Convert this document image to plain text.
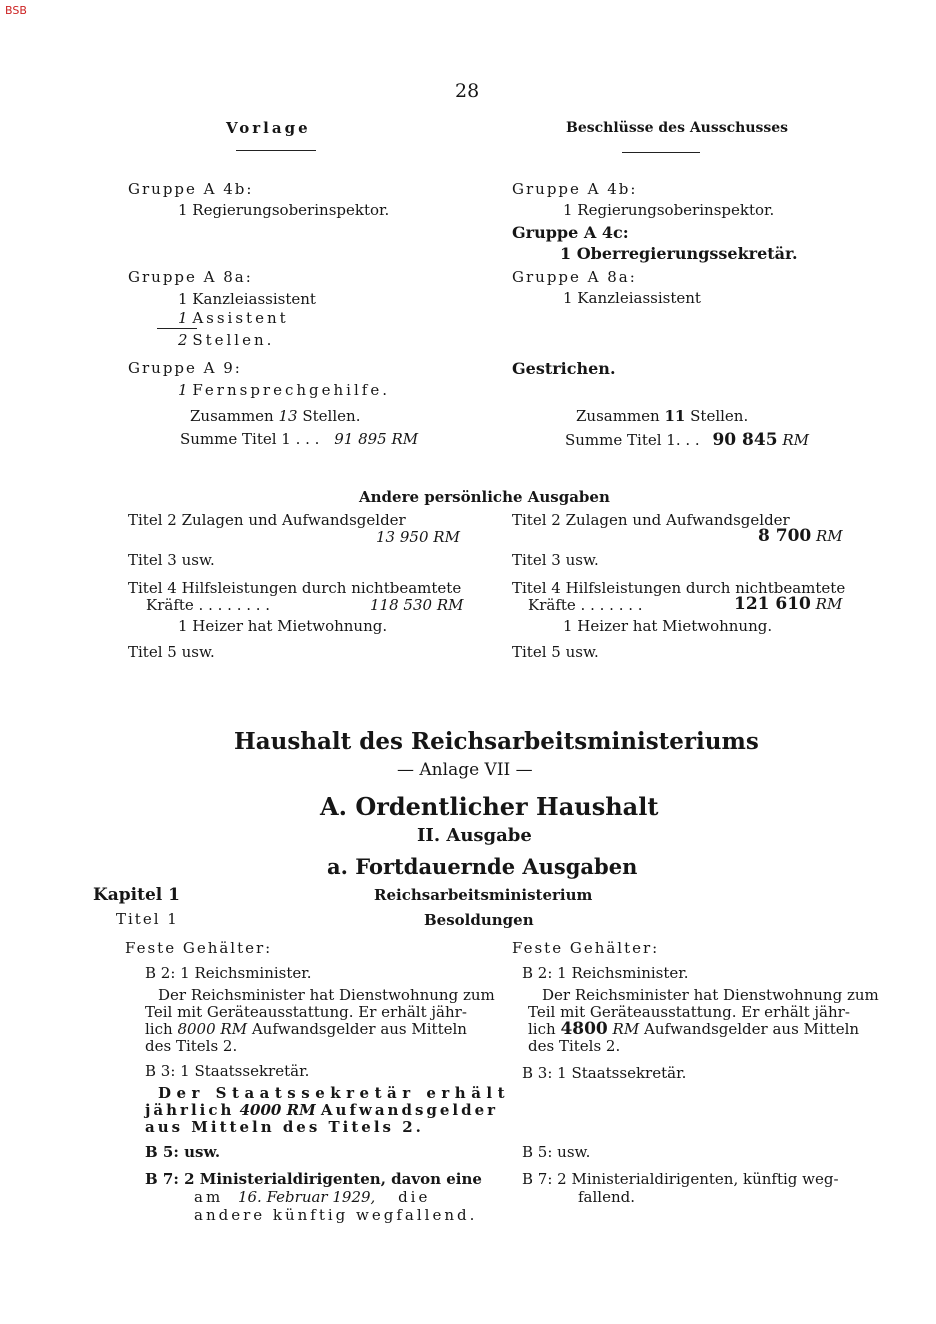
BSB
28
Vorlage	Beschlüsse des Ausschusses
Gruppe A 4b:
1 Regierungsoberinspektor.
Gruppe A 8a:
1 Kanzleiassistent
1 Assistent
2 Stellen.
Gruppe A 9:
1 Fernsprechgehilfe.
Zusammen 13 Stellen.
Summe Titel 1 . . . 91 895 RM
Gruppe A 4b:
1 Regierungsoberinspektor.
Gruppe A 4c:
1 Oberregierungssekretär.
Gruppe A 8a:
1 Kanzleiassistent
Gestrichen.
Zusammen 11 Stellen.
Summe Titel 1. . . 90 845 RM
Andere persönliche Ausgaben
Titel 2 Zulagen und Aufwandsgelder
13 950 RM
Titel 3 usw.
Titel 4 Hilfsleistungen durch nichtbeamtete
Kräfte . . . . . . . .	118 530 RM
1 Heizer hat Mietwohnung.
Titel 5 usw.
Titel 2 Zulagen und Aufwandsgelder
8 700 RM
Titel 3 usw.
Titel 4 Hilfsleistungen durch nichtbeamtete
Kräfte . . . . . . .	121 610 RM
1 Heizer hat Mietwohnung.
Titel 5 usw.
Haushalt des Reichsarbeitsministeriums
— Anlage VII —
A. Ordentlicher Haushalt
II. Ausgabe
a. Fortdauernde Ausgaben
Kapitel 1	Reichsarbeitsministerium
Titel 1	Besoldungen
Feste Gehälter:
B 2: 1 Reichsminister.
Der Reichsminister hat Dienstwohnung zum
Teil mit Geräteausstattung. Er erhält jähr-
lich 8000 RM Aufwandsgelder aus Mitteln
des Titels 2.
B 3: 1 Staatssekretär.
Der Staatssekretär erhält
jährlich 4000 RM Aufwandsgelder
aus Mitteln des Titels 2.
B 5: usw.
B 7: 2 Ministerialdirigenten, davon eine
am 16. Februar 1929, die
andere künftig wegfallend.
Feste Gehälter:
B 2: 1 Reichsminister.
Der Reichsminister hat Dienstwohnung zum
Teil mit Geräteausstattung. Er erhält jähr-
lich 4800 RM Aufwandsgelder aus Mitteln
des Titels 2.
B 3: 1 Staatssekretär.
B 5: usw.
B 7: 2 Ministerialdirigenten, künftig weg-
fallend.
